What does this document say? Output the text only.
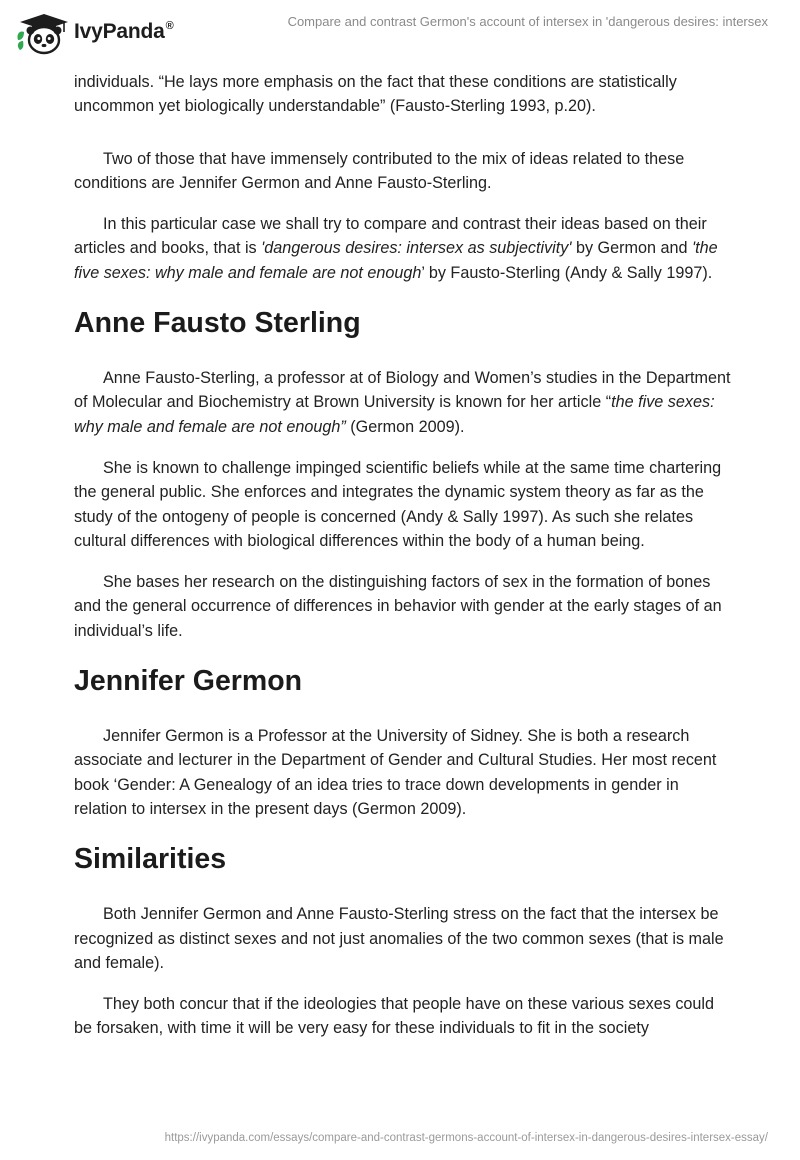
IvyPanda®	Compare and contrast Germon's account of intersex in 'dangerous desires: intersex

individuals. “He lays more emphasis on the fact that these conditions are statistically uncommon yet biologically understandable” (Fausto-Sterling 1993, p.20).

Two of those that have immensely contributed to the mix of ideas related to these conditions are Jennifer Germon and Anne Fausto-Sterling.

In this particular case we shall try to compare and contrast their ideas based on their articles and books, that is 'dangerous desires: intersex as subjectivity' by Germon and 'the five sexes: why male and female are not enough’ by Fausto-Sterling (Andy & Sally 1997).

Anne Fausto Sterling

Anne Fausto-Sterling, a professor at of Biology and Women’s studies in the Department of Molecular and Biochemistry at Brown University is known for her article “the five sexes: why male and female are not enough” (Germon 2009).

She is known to challenge impinged scientific beliefs while at the same time chartering the general public. She enforces and integrates the dynamic system theory as far as the study of the ontogeny of people is concerned (Andy & Sally 1997). As such she relates cultural differences with biological differences within the body of a human being.

She bases her research on the distinguishing factors of sex in the formation of bones and the general occurrence of differences in behavior with gender at the early stages of an individual’s life.

Jennifer Germon

Jennifer Germon is a Professor at the University of Sidney. She is both a research associate and lecturer in the Department of Gender and Cultural Studies. Her most recent book ‘Gender: A Genealogy of an idea tries to trace down developments in gender in relation to intersex in the present days (Germon 2009).

Similarities

Both Jennifer Germon and Anne Fausto-Sterling stress on the fact that the intersex be recognized as distinct sexes and not just anomalies of the two common sexes (that is male and female).

They both concur that if the ideologies that people have on these various sexes could be forsaken, with time it will be very easy for these individuals to fit in the society

https://ivypanda.com/essays/compare-and-contrast-germons-account-of-intersex-in-dangerous-desires-intersex-essay/
